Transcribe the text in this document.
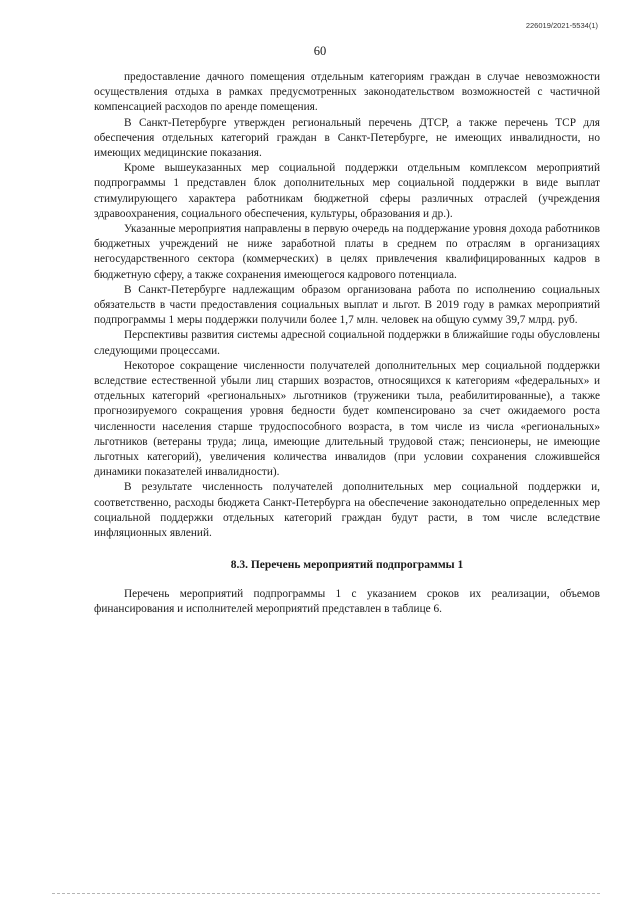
226019/2021-5534(1)
60

предоставление дачного помещения отдельным категориям граждан в случае невозможности осуществления отдыха в рамках предусмотренных законодательством возможностей с частичной компенсацией расходов по аренде помещения.

В Санкт-Петербурге утвержден региональный перечень ДТСР, а также перечень ТСР для обеспечения отдельных категорий граждан в Санкт-Петербурге, не имеющих инвалидности, но имеющих медицинские показания.

Кроме вышеуказанных мер социальной поддержки отдельным комплексом мероприятий подпрограммы 1 представлен блок дополнительных мер социальной поддержки в виде выплат стимулирующего характера работникам бюджетной сферы различных отраслей (учреждения здравоохранения, социального обеспечения, культуры, образования и др.).

Указанные мероприятия направлены в первую очередь на поддержание уровня дохода работников бюджетных учреждений не ниже заработной платы в среднем по отраслям в организациях негосударственного сектора (коммерческих) в целях привлечения квалифицированных кадров в бюджетную сферу, а также сохранения имеющегося кадрового потенциала.

В Санкт-Петербурге надлежащим образом организована работа по исполнению социальных обязательств в части предоставления социальных выплат и льгот. В 2019 году в рамках мероприятий подпрограммы 1 меры поддержки получили более 1,7 млн. человек на общую сумму 39,7 млрд. руб.

Перспективы развития системы адресной социальной поддержки в ближайшие годы обусловлены следующими процессами.

Некоторое сокращение численности получателей дополнительных мер социальной поддержки вследствие естественной убыли лиц старших возрастов, относящихся к категориям «федеральных» и отдельных категорий «региональных» льготников (труженики тыла, реабилитированные), а также прогнозируемого сокращения уровня бедности будет компенсировано за счет ожидаемого роста численности населения старше трудоспособного возраста, в том числе из числа «региональных» льготников (ветераны труда; лица, имеющие длительный трудовой стаж; пенсионеры, не имеющие льготных категорий), увеличения количества инвалидов (при условии сохранения сложившейся динамики показателей инвалидности).

В результате численность получателей дополнительных мер социальной поддержки и, соответственно, расходы бюджета Санкт-Петербурга на обеспечение законодательно определенных мер социальной поддержки отдельных категорий граждан будут расти, в том числе вследствие инфляционных явлений.

8.3. Перечень мероприятий подпрограммы 1

Перечень мероприятий подпрограммы 1 с указанием сроков их реализации, объемов финансирования и исполнителей мероприятий представлен в таблице 6.
